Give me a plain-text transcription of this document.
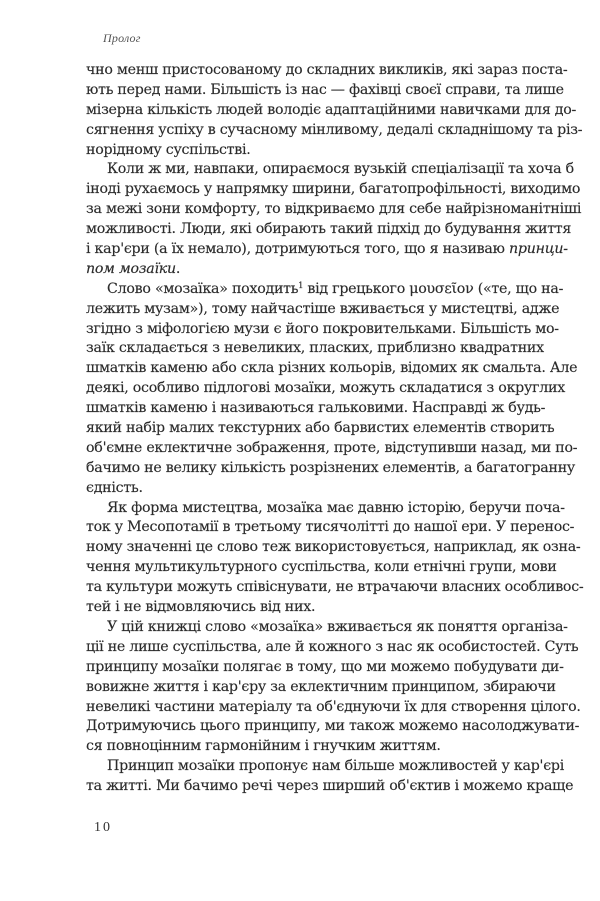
Пролог
чно менш пристосованому до складних викликів, які зараз поста-
ють перед нами. Більшість із нас — фахівці своєї справи, та лише
мізерна кількість людей володіє адаптаційними навичками для до-
сягнення успіху в сучасному мінливому, дедалі складнішому та різ-
норідному суспільстві.
Коли ж ми, навпаки, опираємося вузькій спеціалізації та хоча б
іноді рухаємось у напрямку ширини, багатопрофільності, виходимо
за межі зони комфорту, то відкриваємо для себе найрізноманітніші
можливості. Люди, які обирають такий підхід до будування життя
і кар'єри (а їх немало), дотримуються того, що я називаю принци-
пом мозаїки.
Слово «мозаїка» походить$^1$ від грецького μουσεῖον («те, що на-
лежить музам»), тому найчастіше вживається у мистецтві, адже
згідно з міфологією музи є його покровительками. Більшість мо-
заїк складається з невеликих, пласких, приблизно квадратних
шматків каменю або скла різних кольорів, відомих як смальта. Але
деякі, особливо підлогові мозаїки, можуть складатися з округлих
шматків каменю і називаються гальковими. Насправді ж будь-
який набір малих текстурних або барвистих елементів створить
об'ємне еклектичне зображення, проте, відступивши назад, ми по-
бачимо не велику кількість розрізнених елементів, а багатогранну
єдність.
Як форма мистецтва, мозаїка має давню історію, беручи поча-
ток у Месопотамії в третьому тисячолітті до нашої ери. У перенос-
ному значенні це слово теж використовується, наприклад, як озна-
чення мультикультурного суспільства, коли етнічні групи, мови
та культури можуть співіснувати, не втрачаючи власних особливос-
тей і не відмовляючись від них.
У цій книжці слово «мозаїка» вживається як поняття організа-
ції не лише суспільства, але й кожного з нас як особистостей. Суть
принципу мозаїки полягає в тому, що ми можемо побудувати ди-
вовижне життя і кар'єру за еклектичним принципом, збираючи
невеликі частини матеріалу та об'єднуючи їх для створення цілого.
Дотримуючись цього принципу, ми також можемо насолоджувати-
ся повноцінним гармонійним і гнучким життям.
Принцип мозаїки пропонує нам більше можливостей у кар'єрі
та житті. Ми бачимо речі через ширший об'єктив і можемо краще
10
